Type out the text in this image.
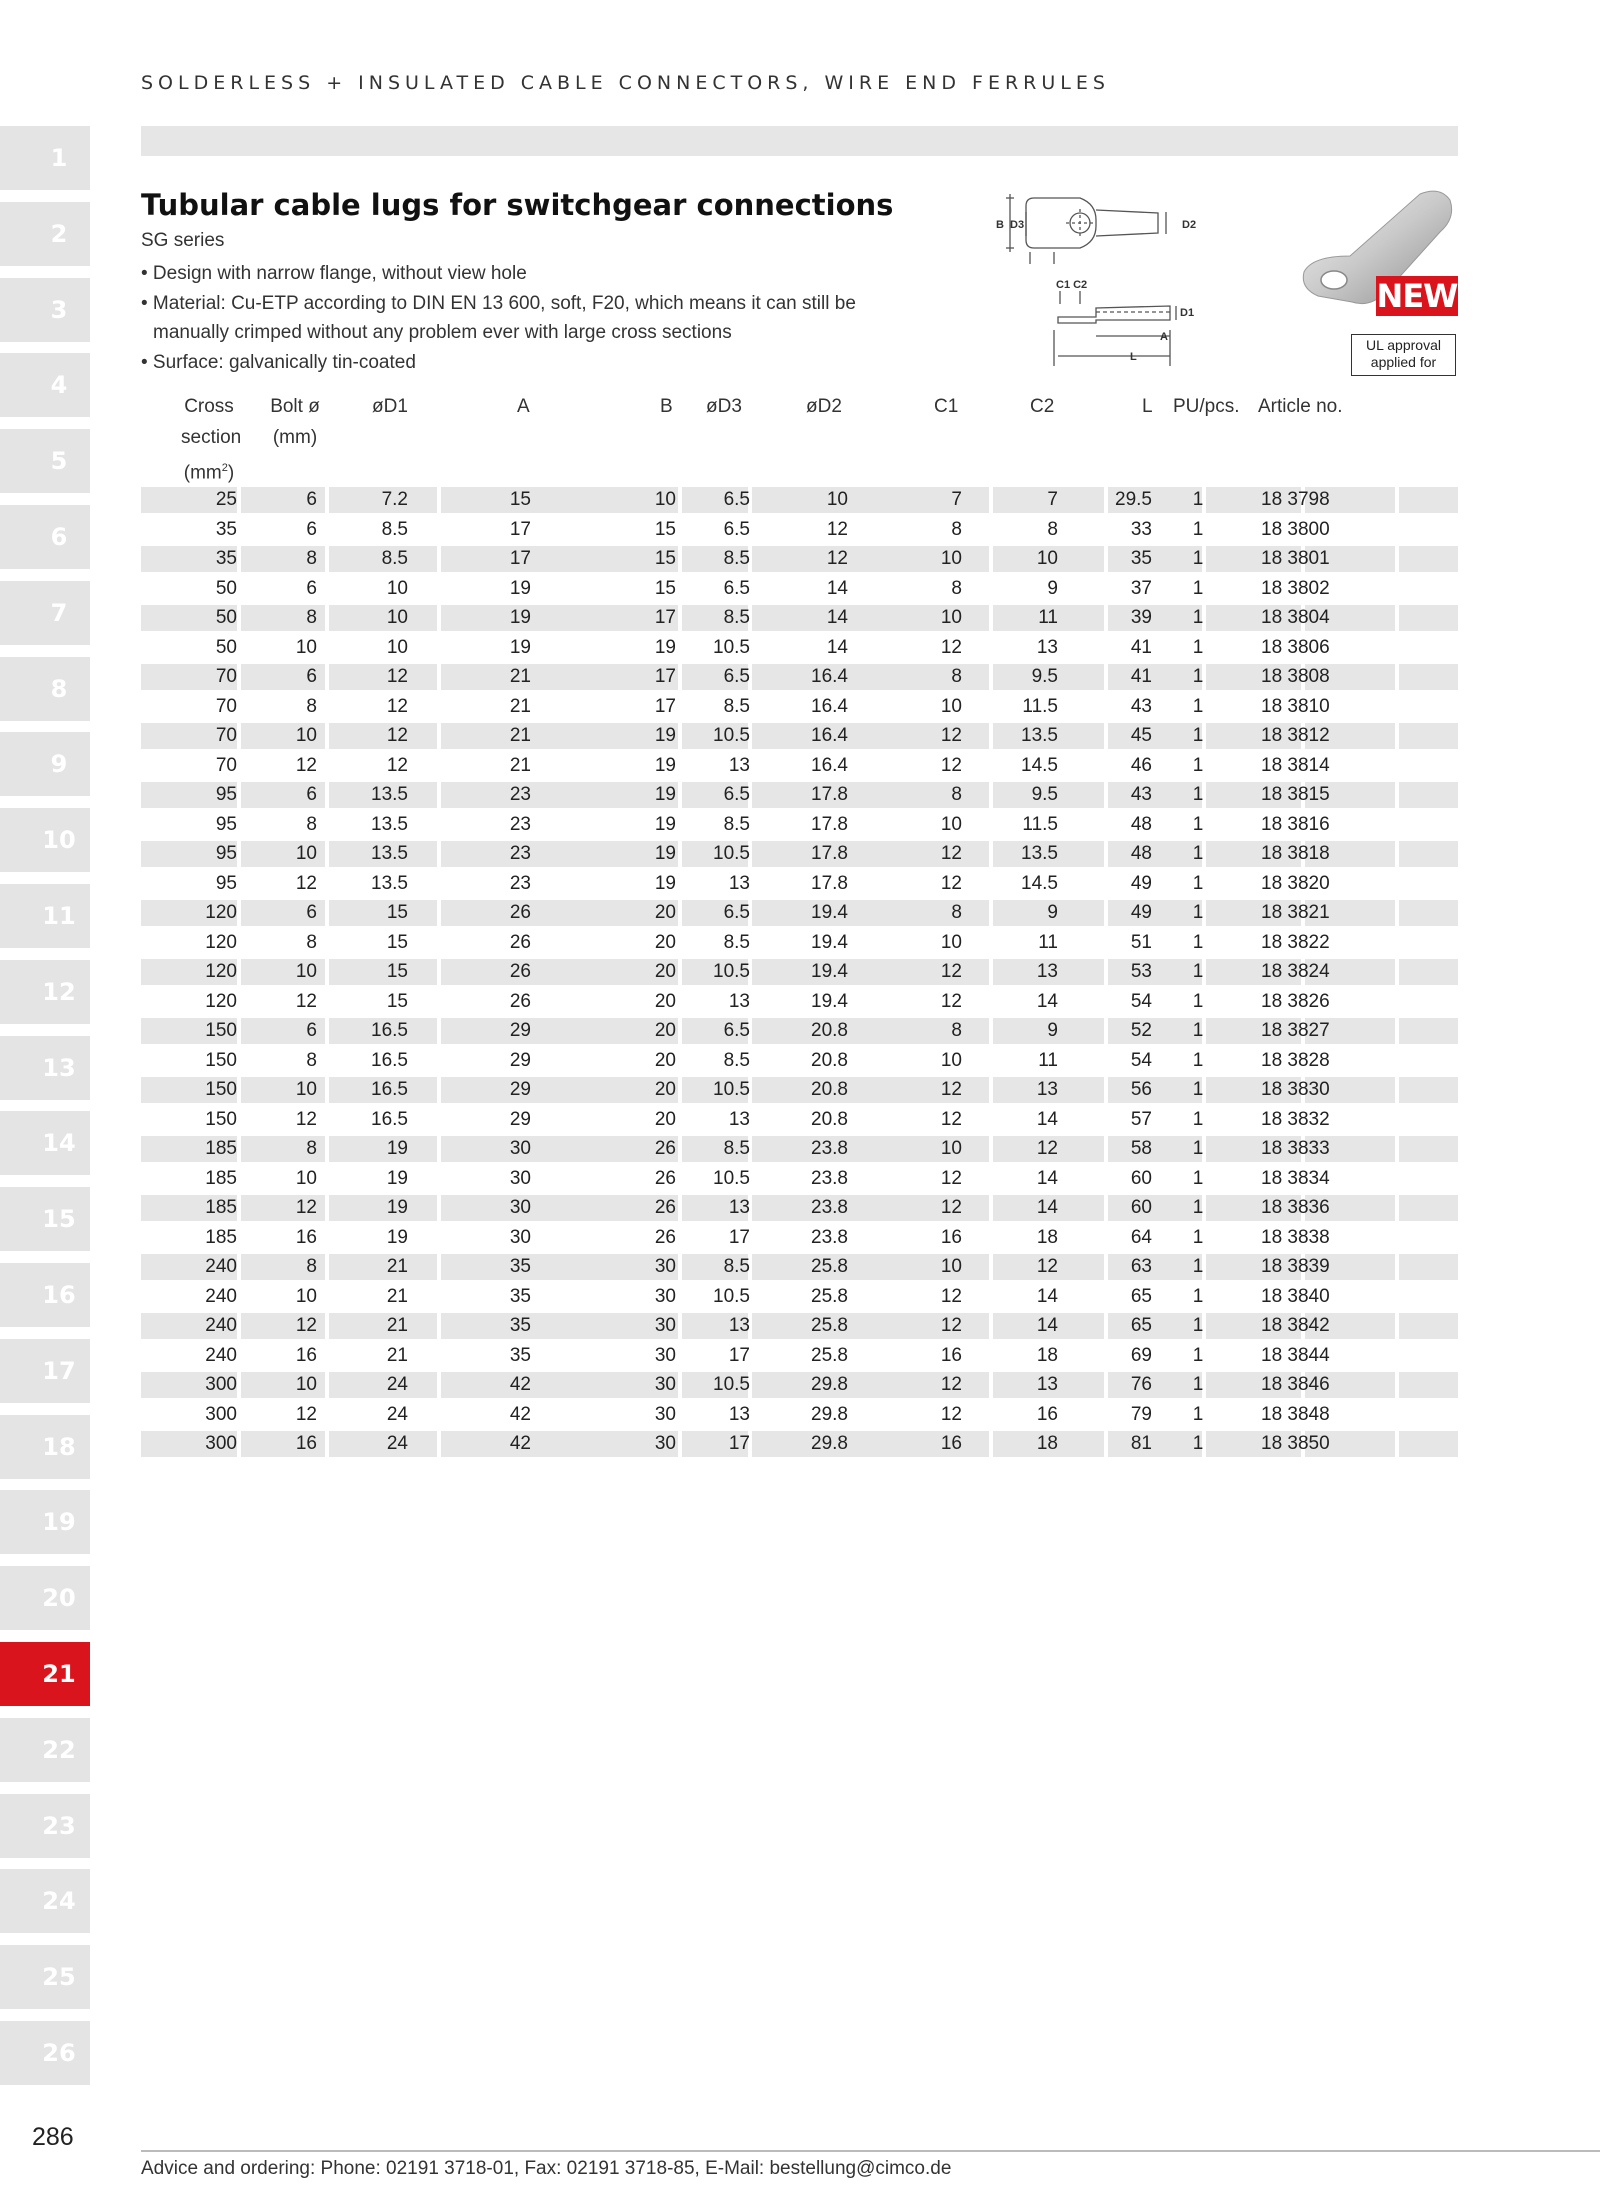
SOLDERLESS + INSULATED CABLE CONNECTORS, WIRE END FERRULES
1
2
3
4
5
6
7
8
9
10
11
12
13
14
15
16
17
18
19
20
21
22
23
24
25
26
Tubular cable lugs for switchgear connections
SG series
• Design with narrow flange, without view hole
• Material: Cu-ETP according to DIN EN 13 600, soft, F20, which means it can still be
manually crimped without any problem ever with large cross sections
• Surface: galvanically tin-coated
B D3	D2
C1 C2
D1
A
L
NEW
UL approval
applied for
Cross
section
$(mm^2)$
Bolt ø
(mm)
øD1	A	B øD3	øD2	C1	C2	L PU/pcs. Article no.
25	6	7.2	15	10	6.5	10	7	7	29.5	1	18 3798
35	6	8.5	17	15	6.5	12	8	8	33	1	18 3800
35	8	8.5	17	15	8.5	12	10	10	35	1	18 3801
50	6	10	19	15	6.5	14	8	9	37	1	18 3802
50	8	10	19	17	8.5	14	10	11	39	1	18 3804
50	10	10	19	19	10.5	14	12	13	41	1	18 3806
70	6	12	21	17	6.5	16.4	8	9.5	41	1	18 3808
70	8	12	21	17	8.5	16.4	10	11.5	43	1	18 3810
70	10	12	21	19	10.5	16.4	12	13.5	45	1	18 3812
70	12	12	21	19	13	16.4	12	14.5	46	1	18 3814
95	6	13.5	23	19	6.5	17.8	8	9.5	43	1	18 3815
95	8	13.5	23	19	8.5	17.8	10	11.5	48	1	18 3816
95	10	13.5	23	19	10.5	17.8	12	13.5	48	1	18 3818
95	12	13.5	23	19	13	17.8	12	14.5	49	1	18 3820
120	6	15	26	20	6.5	19.4	8	9	49	1	18 3821
120	8	15	26	20	8.5	19.4	10	11	51	1	18 3822
120	10	15	26	20	10.5	19.4	12	13	53	1	18 3824
120	12	15	26	20	13	19.4	12	14	54	1	18 3826
150	6	16.5	29	20	6.5	20.8	8	9	52	1	18 3827
150	8	16.5	29	20	8.5	20.8	10	11	54	1	18 3828
150	10	16.5	29	20	10.5	20.8	12	13	56	1	18 3830
150	12	16.5	29	20	13	20.8	12	14	57	1	18 3832
185	8	19	30	26	8.5	23.8	10	12	58	1	18 3833
185	10	19	30	26	10.5	23.8	12	14	60	1	18 3834
185	12	19	30	26	13	23.8	12	14	60	1	18 3836
185	16	19	30	26	17	23.8	16	18	64	1	18 3838
240	8	21	35	30	8.5	25.8	10	12	63	1	18 3839
240	10	21	35	30	10.5	25.8	12	14	65	1	18 3840
240	12	21	35	30	13	25.8	12	14	65	1	18 3842
240	16	21	35	30	17	25.8	16	18	69	1	18 3844
300	10	24	42	30	10.5	29.8	12	13	76	1	18 3846
300	12	24	42	30	13	29.8	12	16	79	1	18 3848
300	16	24	42	30	17	29.8	16	18	81	1	18 3850
286
Advice and ordering: Phone: 02191 3718-01, Fax: 02191 3718-85, E-Mail: bestellung@cimco.de
